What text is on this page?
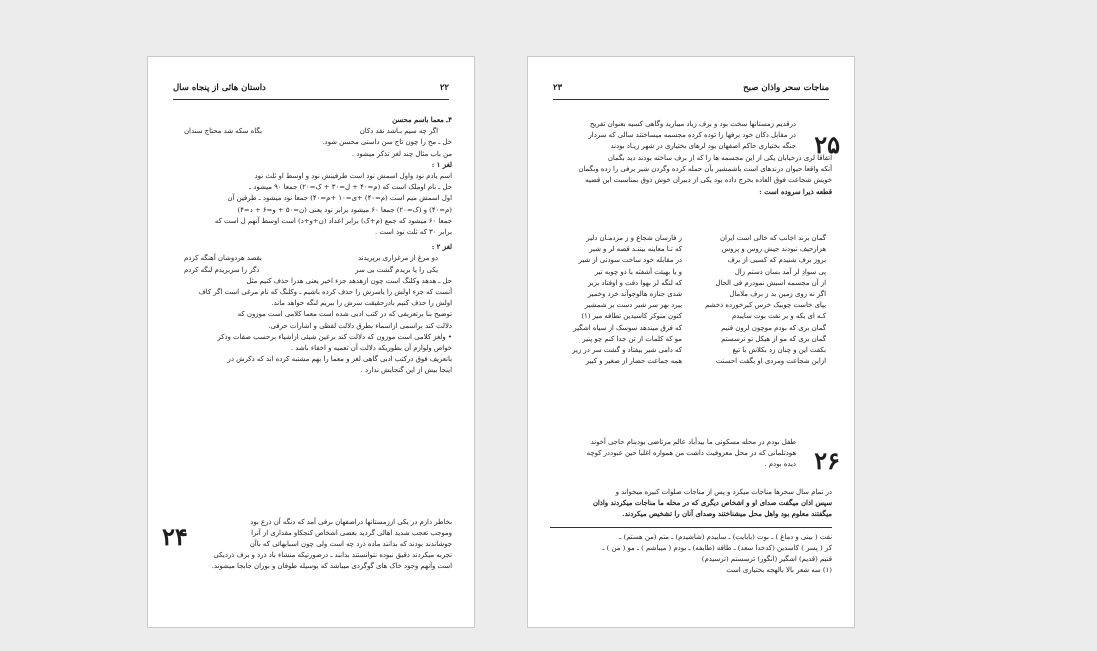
داستان هائی از پنجاه سال	۲۲
۴ـ معما باسم محسن
اگر چه سیم بـاشد نقد دکان
بگاه سکه شد محتاج سندان
حل ـ مح را چون تاج سن داستی محسن شود.
من باب مثال چند لغز تذکر میشود .
لغز ۱ :
اسم یادم نود واول اسمش نود است طرفینش نود و اوسط او ثلث نود
حل ـ نام اوملک است که (م=۴۰ + ل=۳۰ + ک=۲۰) جمعا ۹۰ میشود ـ
اول اسمش میم است (م=۴۰) +ی=۱۰ +م=۴۰) جمعا نود میشود ـ طرفین آن
(م=۴۰) و (ک=۲۰) جمعا ۶۰ میشود برابر نود یعنی (ن=۵۰ + و=۶ + د=۴)
جمعا ۶۰ میشود که جمع (م+ک) برابر اعداد (ن+و+د) است اوسط آنهم ل است که
برابر ۳۰ که ثلث نود است .
لغز ۲ :
دو مرغ از مرغزاری برپریدند
بقصد هردوشان آهنگه کردم
یکی را پا بریدم گشت بی سر
دگر را سربریدم لنگه کردم
حل ـ هدهد وکلنگ است چون ازهدهد جزء اخیر یعنی هدرا حذف کنیم مثل
آنست که جزء اولش را یاسرش را حذف کرده باشیم ـ وکلنگ که نام مرغی است اگر کاف
اولش را حذف کنیم بادرحقیقت سرش را ببریم لنگه خواهد ماند.
توضیح بنا برتعریفی که در کتب ادبی شده است معما کلامی است موزون که
دلالت کند براسمی ازاسماء بطرق دلالت لفظی و اشارات حرفی.
• ولغز کلامی است موزون که دلالت کند برعین شیئی ازاشیاء برحسب صفات وذکر
خواص ولوازم آن بطوریکه دلالت آن تعمیه و اخفاء باشد .
باتعریف فوق درکتب ادبی گاهی لغز و معما را بهم مشتبه کرده اند که ذکرش در
اینجا بیش از این گنجایش ندارد .
۲۴	بخاطر دارم در یکی اززمستانها دراصفهان برفی آمد که دنگه آن ذرع بود
وموجب تعجب شدید اهالی گردید بعضی اشخاص کنجکاو مقداری از آنرا
جوشاندند بودند که بدانند ماده ذرد چه است ولی چون اسبابهائی که باآن
تجربه میکردند دقیق نبوده نتوانستند بدانند ـ درصورتیکه منشاء باد ذرد و برف ذردیکی
است وآنهم وجود خاک های گوگردی میباشد که بوسیله طوفان و بوران جابجا میشوند.
۲۳	مناجات سحر واذان صبح
۲۵
درقدیم زمستانها سخت بود و برف زیاد میبارید وگاهی کسیه بعنوان تفریح
در مقابل دکان خود برفها را توده کرده مجسمه میساختند سالی که سردار
جنگه بختیاری حاکم اصفهان بود لرهای بختیاری در شهر زیـاد بودند
اتفاقا لری درخیابان یکی از این مجسمه ها را که از برف ساخته بودند دید بگمان
آنکه واقعا حیوان درندهای است باشمشیر بآن حمله کرده وگردن شیر برفی را زده وبگمان
خویش شجاعت فوق العاده بخرج داده بود یکی از دبیران خوش ذوق بمناسبت این قضیه
قطعه ذیرا سروده است :
گمان برند اجانب که خالی است ایران
هزارحیف نبودند جیش روس و پروس
بروز برف شنیدم که کسیی از برف
پی سوادِ لر آمد بسان دستم زال
از آن مجسمه اسبش نمودرم فی الحال
اگر نه روی زمین بد ز برف ملامال
بپای خاست چوبیک خرس کیرخورده ذخشم
کـه ای یکه و بر نفت بوت سایبدم
گمان بری که بودم موچون لرون قنیم
گمان بری که مو از هیکل تو ترسستم
بکفت این و چنان زد بکلاش با تیغ
ازاین شجاعت ومردی او بگفت احسنت
ز فارسان شجاع و ز مردمـان دلیر
که تـا معاینه بیننـد قصه لر و شیر
در مقابله خود ساخت سودتی از شیر
و یا بهیئت آشفته با دو چوبه تیر
که لنگه لر بهوا دفت و اوفتاد بزیر
شدی جنازه هالوجوآند خرد وخمیر
بیرد بهر سر شیر دست بر شمشیر
کنون متوکر کاسیدین تطافه میر (۱)
که فرق میندهد سوسک از سیاه اشگیر
مو که کلمات از تن جدا کنم چو پنیر
که دامی شیر بیفتاد و گشت سر در زیر
همه جماعت حضار از صغیر و کبیر
۲۶
طفل بودم در محله مسکونی ما بیدآباد عالم مرتاضی بودبنام حاجی آخوند
هودتلمانی که در محل معروفیت داشت من همواره اغلبا حین عبوددر کوچه
دیده بودم .
در تمام سال سحرها مناجات میکرد و پس از مناجات صلوات کبیره میخواند و
سپس اذان میگفت صدای او و اشخاص دیگری که در محله ما مناجات میکردند واذان
میگفتند معلوم بود واهل محل میشناختند وصدای آنان را تشخیص میکردند.
نفت ( بینی و دماغ ) ـ بوت (بابایت) ـ سایبدم (شاشیدم) ـ متم (من هستم) ـ
کر ( پسر ) کاسدین (کدخدا سعد) ـ طافه (طایفه) ـ بودم ( میباشم ) ـ مو ( من ) ـ
قنیم (قدیم) اشگیر (انگور) ترسستم (ترسیدم)
(۱) سه شعر بالا بالهجه بختیاری است
